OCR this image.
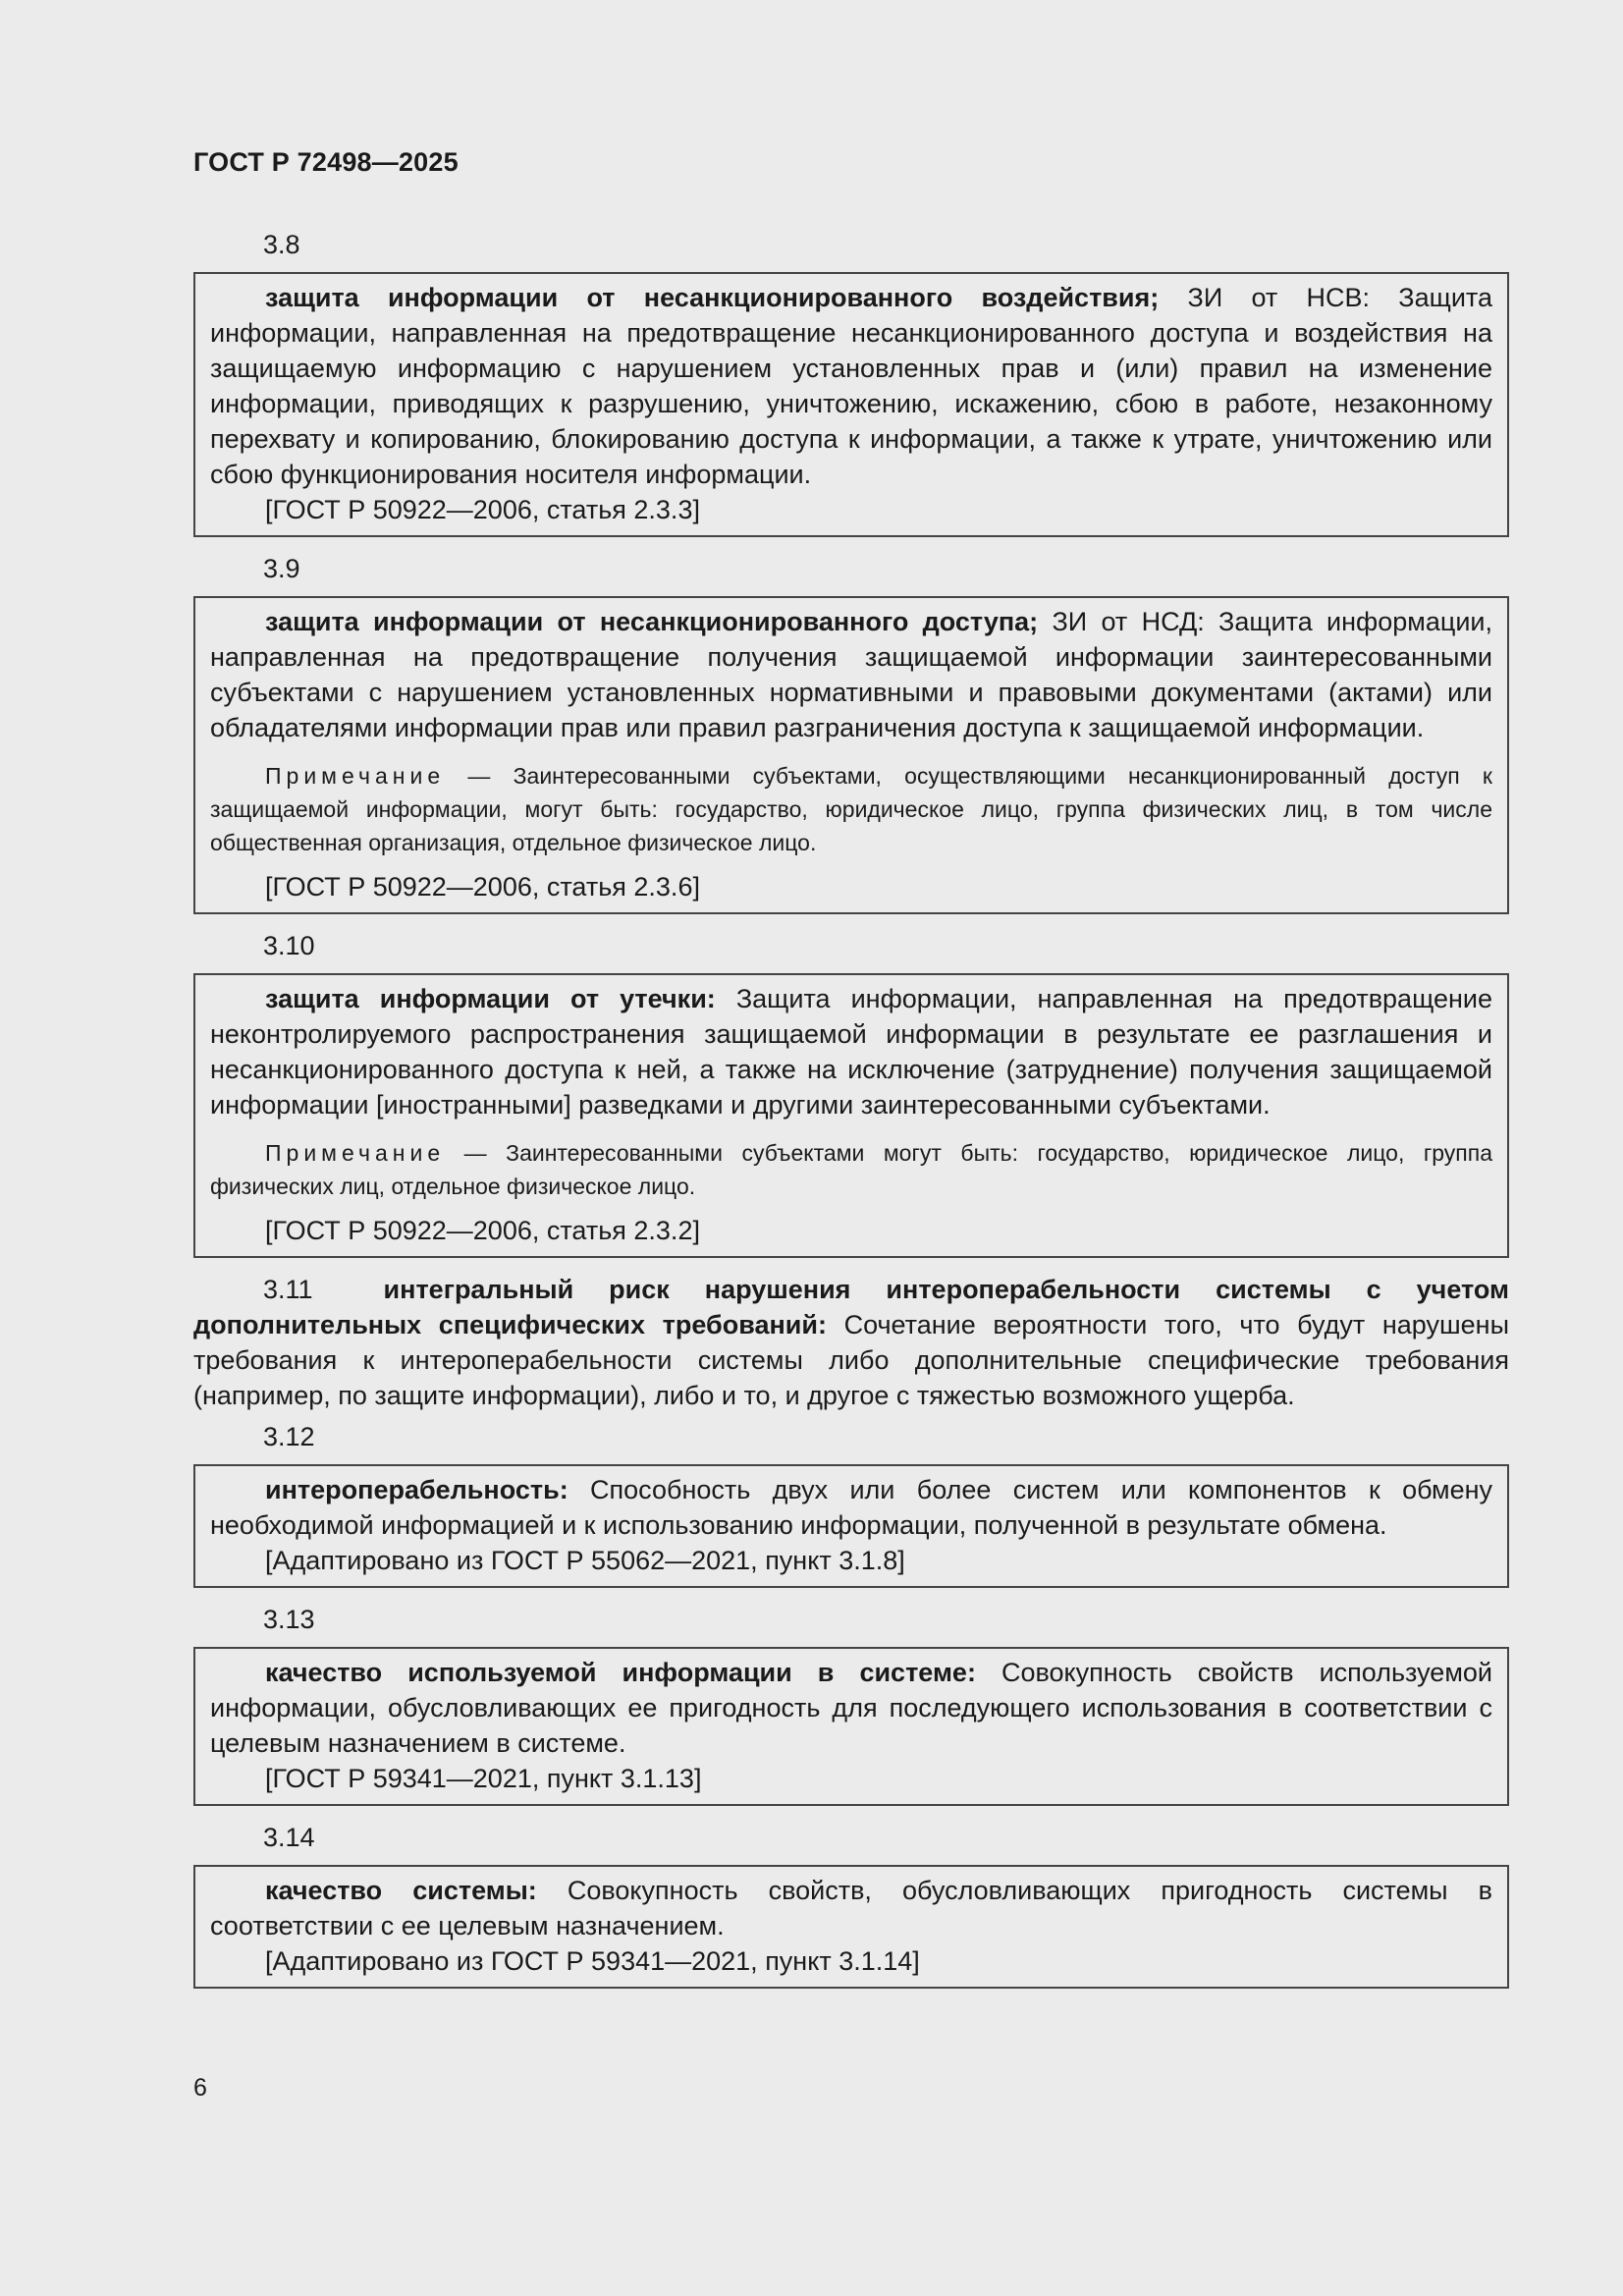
ГОСТ Р 72498—2025
3.8

защита информации от несанкционированного воздействия; ЗИ от НСВ: Защита информации, направленная на предотвращение несанкционированного доступа и воздействия на защищаемую информацию с нарушением установленных прав и (или) правил на изменение информации, приводящих к разрушению, уничтожению, искажению, сбою в работе, незаконному перехвату и копированию, блокированию доступа к информации, а также к утрате, уничтожению или сбою функционирования носителя информации.

[ГОСТ Р 50922—2006, статья 2.3.3]

3.9

защита информации от несанкционированного доступа; ЗИ от НСД: Защита информации, направленная на предотвращение получения защищаемой информации заинтересованными субъектами с нарушением установленных нормативными и правовыми документами (актами) или обладателями информации прав или правил разграничения доступа к защищаемой информации.

Примечание — Заинтересованными субъектами, осуществляющими несанкционированный доступ к защищаемой информации, могут быть: государство, юридическое лицо, группа физических лиц, в том числе общественная организация, отдельное физическое лицо.

[ГОСТ Р 50922—2006, статья 2.3.6]

3.10

защита информации от утечки: Защита информации, направленная на предотвращение неконтролируемого распространения защищаемой информации в результате ее разглашения и несанкционированного доступа к ней, а также на исключение (затруднение) получения защищаемой информации [иностранными] разведками и другими заинтересованными субъектами.

Примечание — Заинтересованными субъектами могут быть: государство, юридическое лицо, группа физических лиц, отдельное физическое лицо.

[ГОСТ Р 50922—2006, статья 2.3.2]

3.11	интегральный риск нарушения интероперабельности системы с учетом дополнительных специфических требований: Сочетание вероятности того, что будут нарушены требования к интероперабельности системы либо дополнительные специфические требования (например, по защите информации), либо и то, и другое с тяжестью возможного ущерба.

3.12

интероперабельность: Способность двух или более систем или компонентов к обмену необходимой информацией и к использованию информации, полученной в результате обмена.

[Адаптировано из ГОСТ Р 55062—2021, пункт 3.1.8]

3.13

качество используемой информации в системе: Совокупность свойств используемой информации, обусловливающих ее пригодность для последующего использования в соответствии с целевым назначением в системе.

[ГОСТ Р 59341—2021, пункт 3.1.13]

3.14

качество системы: Совокупность свойств, обусловливающих пригодность системы в соответствии с ее целевым назначением.

[Адаптировано из ГОСТ Р 59341—2021, пункт 3.1.14]

6
